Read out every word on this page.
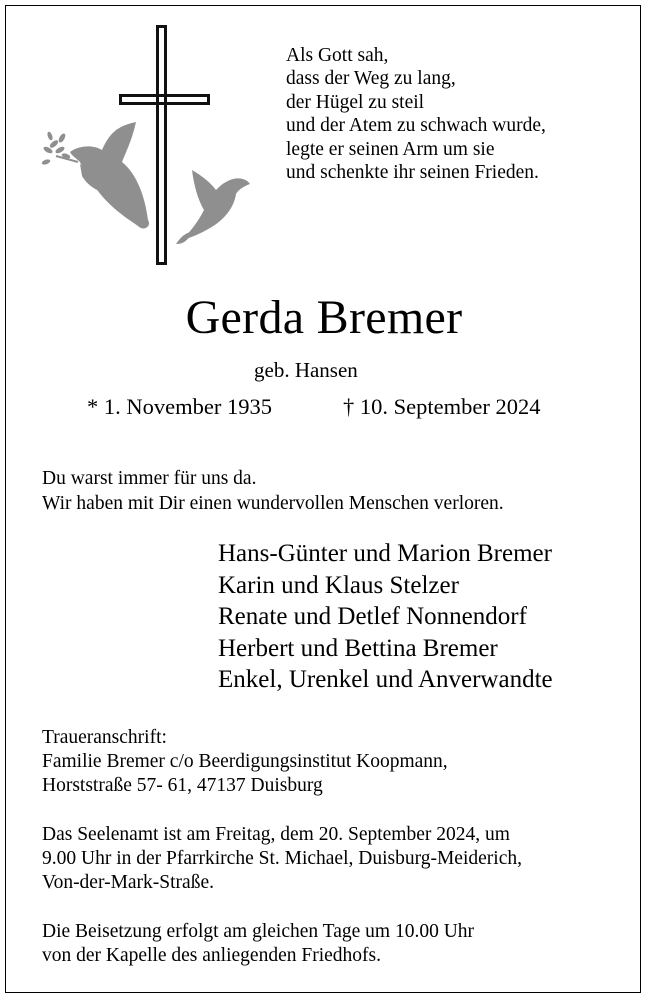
Als Gott sah,
dass der Weg zu lang,
der Hügel zu steil
und der Atem zu schwach wurde,
legte er seinen Arm um sie
und schenkte ihr seinen Frieden.
Gerda Bremer
geb. Hansen
* 1. November 1935	† 10. September 2024
Du warst immer für uns da.
Wir haben mit Dir einen wundervollen Menschen verloren.
Hans-Günter und Marion Bremer
Karin und Klaus Stelzer
Renate und Detlef Nonnendorf
Herbert und Bettina Bremer
Enkel, Urenkel und Anverwandte
Traueranschrift:
Familie Bremer c/o Beerdigungsinstitut Koopmann,
Horststraße 57- 61, 47137 Duisburg
Das Seelenamt ist am Freitag, dem 20. September 2024, um
9.00 Uhr in der Pfarrkirche St. Michael, Duisburg-Meiderich,
Von-der-Mark-Straße.
Die Beisetzung erfolgt am gleichen Tage um 10.00 Uhr
von der Kapelle des anliegenden Friedhofs.
